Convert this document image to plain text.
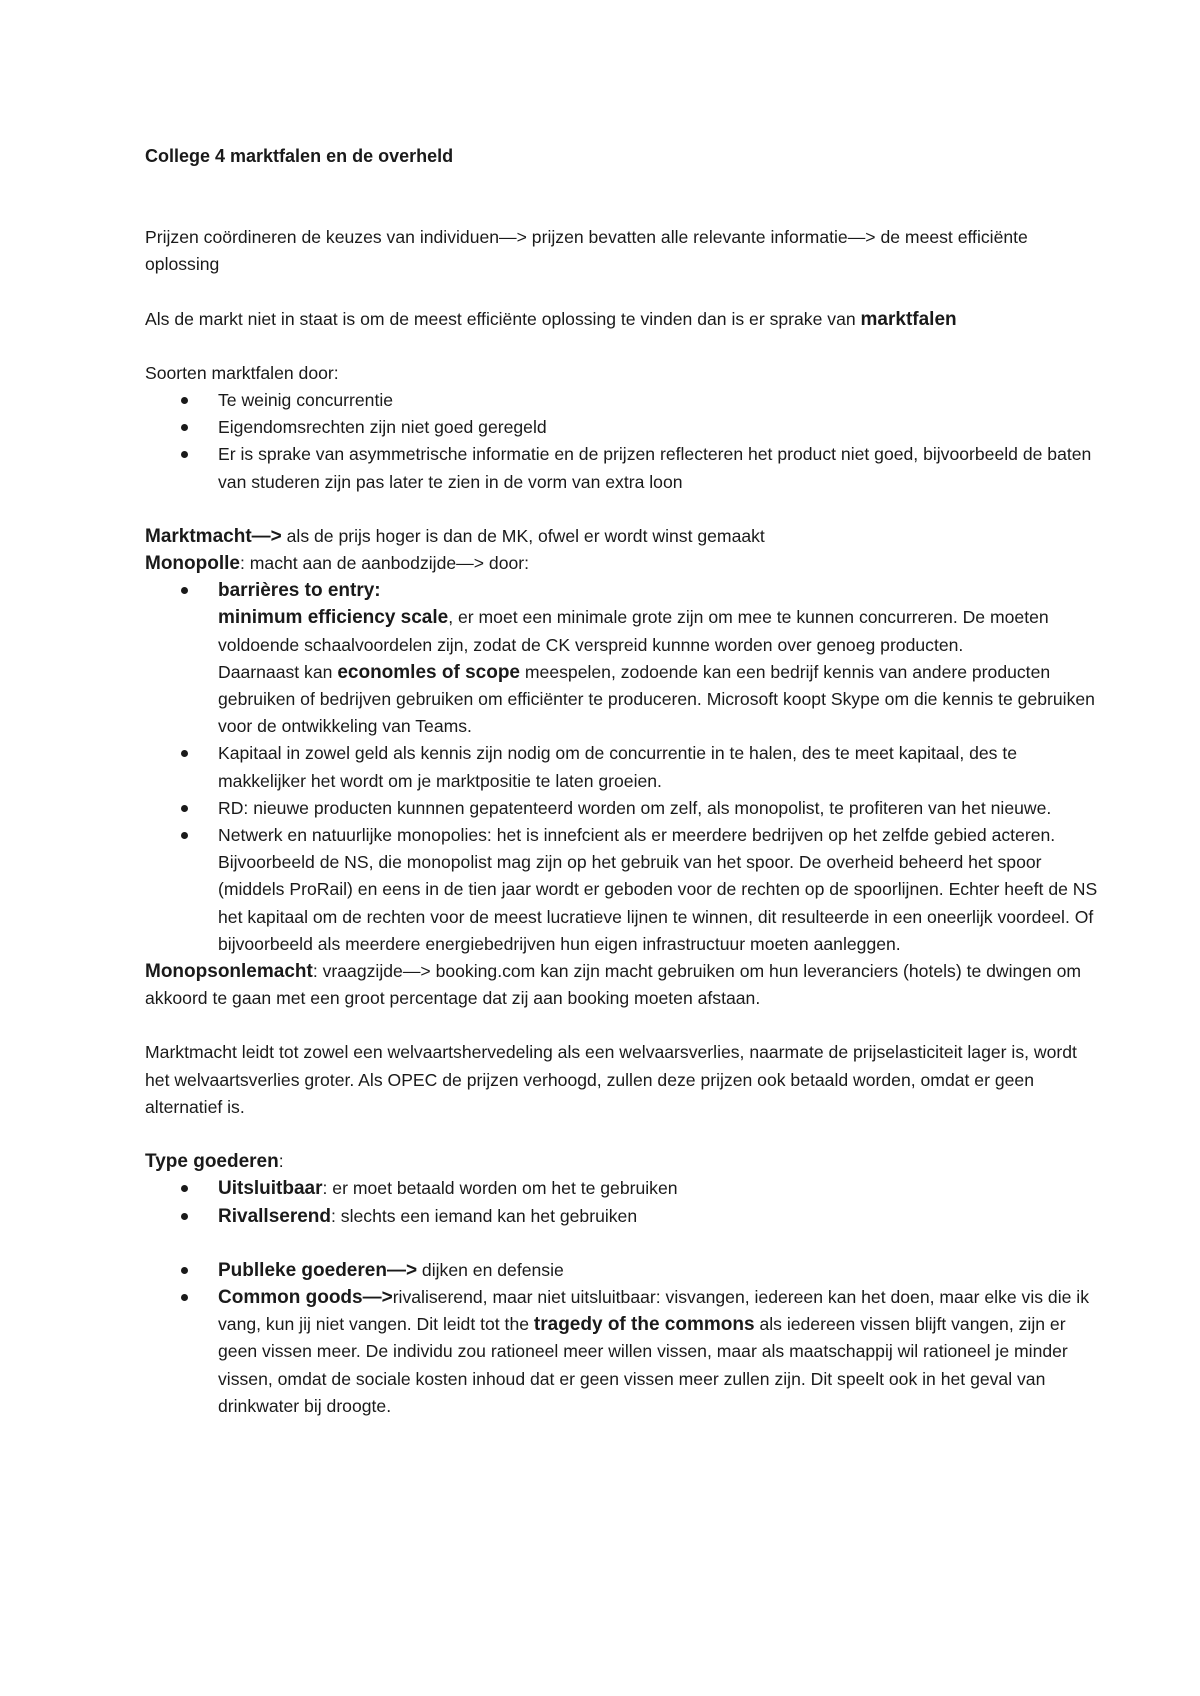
College 4 marktfalen en de overheld

Prijzen coördineren de keuzes van individuen—> prijzen bevatten alle relevante informatie—> de meest efficiënte oplossing

Als de markt niet in staat is om de meest efficiënte oplossing te vinden dan is er sprake van marktfalen

Soorten marktfalen door:

Te weinig concurrentie
Eigendomsrechten zijn niet goed geregeld
Er is sprake van asymmetrische informatie en de prijzen reflecteren het product niet goed, bijvoorbeeld de baten van studeren zijn pas later te zien in de vorm van extra loon

Marktmacht—> als de prijs hoger is dan de MK, ofwel er wordt winst gemaakt

Monopolle: macht aan de aanbodzijde—> door:

barrières to entry:
minimum efficiency scale, er moet een minimale grote zijn om mee te kunnen concurreren. De moeten voldoende schaalvoordelen zijn, zodat de CK verspreid kunnne worden over genoeg producten.
Daarnaast kan economles of scope meespelen, zodoende kan een bedrijf kennis van andere producten gebruiken of bedrijven gebruiken om efficiënter te produceren. Microsoft koopt Skype om die kennis te gebruiken voor de ontwikkeling van Teams.
Kapitaal in zowel geld als kennis zijn nodig om de concurrentie in te halen, des te meet kapitaal, des te makkelijker het wordt om je marktpositie te laten groeien.
RD: nieuwe producten kunnnen gepatenteerd worden om zelf, als monopolist, te profiteren van het nieuwe.
Netwerk en natuurlijke monopolies: het is innefcient als er meerdere bedrijven op het zelfde gebied acteren. Bijvoorbeeld de NS, die monopolist mag zijn op het gebruik van het spoor. De overheid beheerd het spoor (middels ProRail) en eens in de tien jaar wordt er geboden voor de rechten op de spoorlijnen. Echter heeft de NS het kapitaal om de rechten voor de meest lucratieve lijnen te winnen, dit resulteerde in een oneerlijk voordeel. Of bijvoorbeeld als meerdere energiebedrijven hun eigen infrastructuur moeten aanleggen.

Monopsonlemacht: vraagzijde—> booking.com kan zijn macht gebruiken om hun leveranciers (hotels) te dwingen om akkoord te gaan met een groot percentage dat zij aan booking moeten afstaan.

Marktmacht leidt tot zowel een welvaartshervedeling als een welvaarsverlies, naarmate de prijselasticiteit lager is, wordt het welvaartsverlies groter. Als OPEC de prijzen verhoogd, zullen deze prijzen ook betaald worden, omdat er geen alternatief is.

Type goederen:

Uitsluitbaar: er moet betaald worden om het te gebruiken
Rivallserend: slechts een iemand kan het gebruiken
Publleke goederen—> dijken en defensie
Common goods—>rivaliserend, maar niet uitsluitbaar: visvangen, iedereen kan het doen, maar elke vis die ik vang, kun jij niet vangen. Dit leidt tot the tragedy of the commons als iedereen vissen blijft vangen, zijn er geen vissen meer. De individu zou rationeel meer willen vissen, maar als maatschappij wil rationeel je minder vissen, omdat de sociale kosten inhoud dat er geen vissen meer zullen zijn. Dit speelt ook in het geval van drinkwater bij droogte.
